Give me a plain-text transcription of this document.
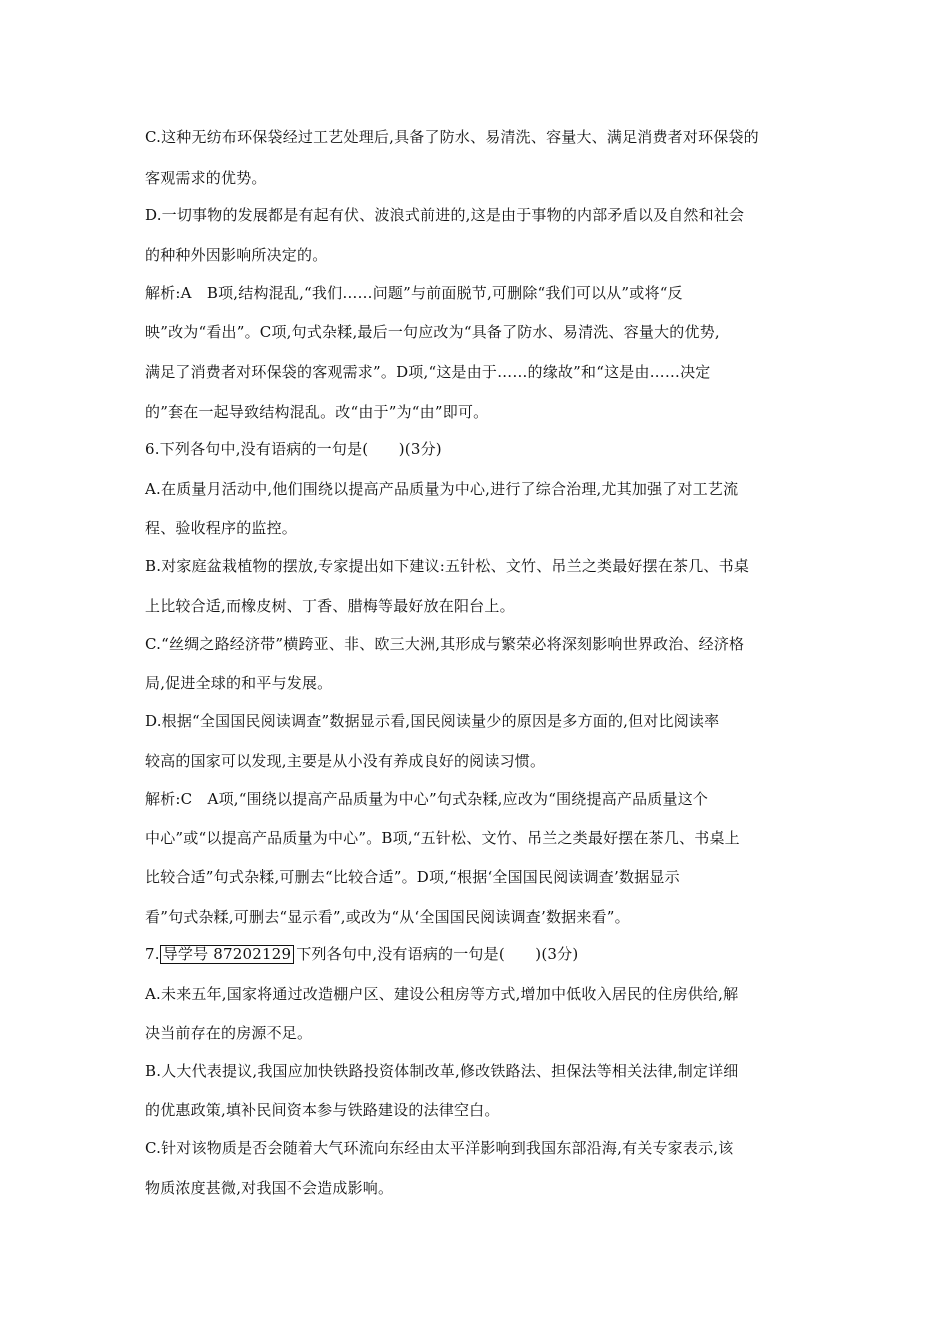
C.这种无纺布环保袋经过工艺处理后,具备了防水、易清洗、容量大、满足消费者对环保袋的
客观需求的优势。
D.一切事物的发展都是有起有伏、波浪式前进的,这是由于事物的内部矛盾以及自然和社会
的种种外因影响所决定的。
解析:A　B项,结构混乱,“我们……问题”与前面脱节,可删除“我们可以从”或将“反
映”改为“看出”。C项,句式杂糅,最后一句应改为“具备了防水、易清洗、容量大的优势,
满足了消费者对环保袋的客观需求”。D项,“这是由于……的缘故”和“这是由……决定
的”套在一起导致结构混乱。改“由于”为“由”即可。
6.下列各句中,没有语病的一句是(　　)(3分)
A.在质量月活动中,他们围绕以提高产品质量为中心,进行了综合治理,尤其加强了对工艺流
程、验收程序的监控。
B.对家庭盆栽植物的摆放,专家提出如下建议:五针松、文竹、吊兰之类最好摆在茶几、书桌
上比较合适,而橡皮树、丁香、腊梅等最好放在阳台上。
C.“丝绸之路经济带”横跨亚、非、欧三大洲,其形成与繁荣必将深刻影响世界政治、经济格
局,促进全球的和平与发展。
D.根据“全国国民阅读调查”数据显示看,国民阅读量少的原因是多方面的,但对比阅读率
较高的国家可以发现,主要是从小没有养成良好的阅读习惯。
解析:C　A项,“围绕以提高产品质量为中心”句式杂糅,应改为“围绕提高产品质量这个
中心”或“以提高产品质量为中心”。B项,“五针松、文竹、吊兰之类最好摆在茶几、书桌上
比较合适”句式杂糅,可删去“比较合适”。D项,“根据‘全国国民阅读调查’数据显示
看”句式杂糅,可删去“显示看”,或改为“从‘全国国民阅读调查’数据来看”。
7. 导学号 87202129 下列各句中,没有语病的一句是(　　)(3分)
A.未来五年,国家将通过改造棚户区、建设公租房等方式,增加中低收入居民的住房供给,解
决当前存在的房源不足。
B.人大代表提议,我国应加快铁路投资体制改革,修改铁路法、担保法等相关法律,制定详细
的优惠政策,填补民间资本参与铁路建设的法律空白。
C.针对该物质是否会随着大气环流向东经由太平洋影响到我国东部沿海,有关专家表示,该
物质浓度甚微,对我国不会造成影响。
